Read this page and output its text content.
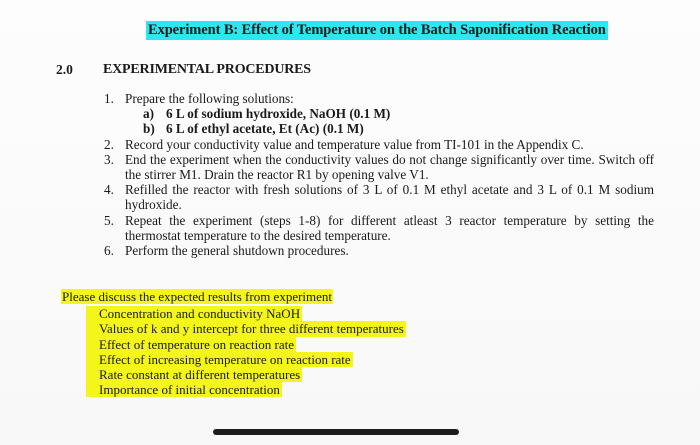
Experiment B: Effect of Temperature on the Batch Saponification Reaction
2.0 EXPERIMENTAL PROCEDURES
1. Prepare the following solutions:
a) 6 L of sodium hydroxide, NaOH (0.1 M)
b) 6 L of ethyl acetate, Et (Ac) (0.1 M)
2. Record your conductivity value and temperature value from TI-101 in the Appendix C.
3. End the experiment when the conductivity values do not change significantly over time. Switch off the stirrer M1. Drain the reactor R1 by opening valve V1.
4. Refilled the reactor with fresh solutions of 3 L of 0.1 M ethyl acetate and 3 L of 0.1 M sodium hydroxide.
5. Repeat the experiment (steps 1-8) for different atleast 3 reactor temperature by setting the thermostat temperature to the desired temperature.
6. Perform the general shutdown procedures.
Please discuss the expected results from experiment
Concentration and conductivity NaOH
Values of k and y intercept for three different temperatures
Effect of temperature on reaction rate
Effect of increasing temperature on reaction rate
Rate constant at different temperatures
Importance of initial concentration
